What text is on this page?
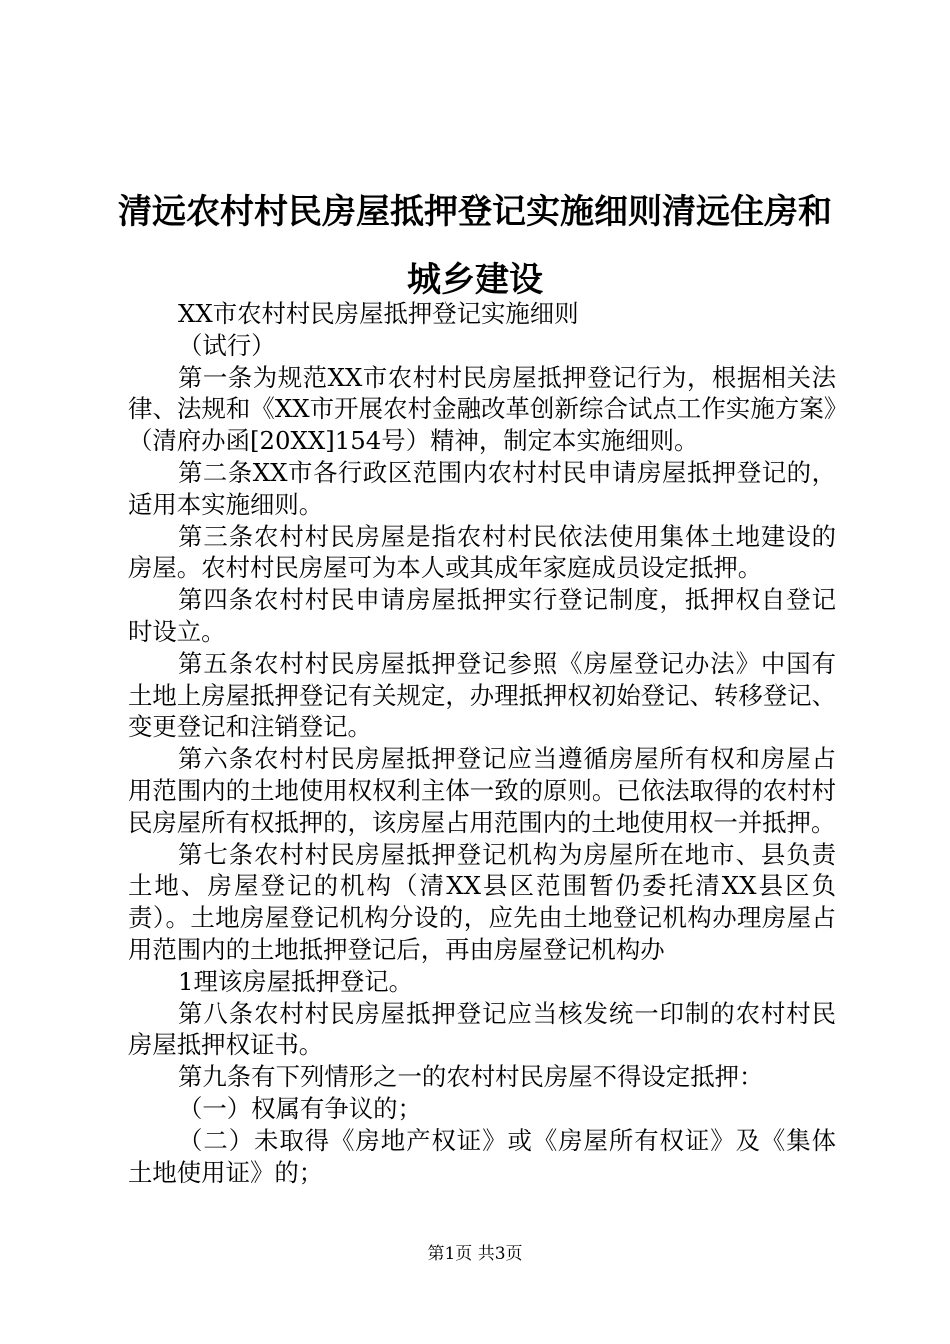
清远农村村民房屋抵押登记实施细则清远住房和城乡建设

XX市农村村民房屋抵押登记实施细则

（试行）

第一条为规范XX市农村村民房屋抵押登记行为，根据相关法律、法规和《XX市开展农村金融改革创新综合试点工作实施方案》（清府办函[20XX]154号）精神，制定本实施细则。

第二条XX市各行政区范围内农村村民申请房屋抵押登记的，适用本实施细则。

第三条农村村民房屋是指农村村民依法使用集体土地建设的房屋。农村村民房屋可为本人或其成年家庭成员设定抵押。

第四条农村村民申请房屋抵押实行登记制度，抵押权自登记时设立。

第五条农村村民房屋抵押登记参照《房屋登记办法》中国有土地上房屋抵押登记有关规定，办理抵押权初始登记、转移登记、变更登记和注销登记。

第六条农村村民房屋抵押登记应当遵循房屋所有权和房屋占用范围内的土地使用权权利主体一致的原则。已依法取得的农村村民房屋所有权抵押的，该房屋占用范围内的土地使用权一并抵押。

第七条农村村民房屋抵押登记机构为房屋所在地市、县负责土地、房屋登记的机构（清XX县区范围暂仍委托清XX县区负责）。土地房屋登记机构分设的，应先由土地登记机构办理房屋占用范围内的土地抵押登记后，再由房屋登记机构办

1理该房屋抵押登记。

第八条农村村民房屋抵押登记应当核发统一印制的农村村民房屋抵押权证书。

第九条有下列情形之一的农村村民房屋不得设定抵押：

（一）权属有争议的；

（二）未取得《房地产权证》或《房屋所有权证》及《集体土地使用证》的；

第1页 共3页
